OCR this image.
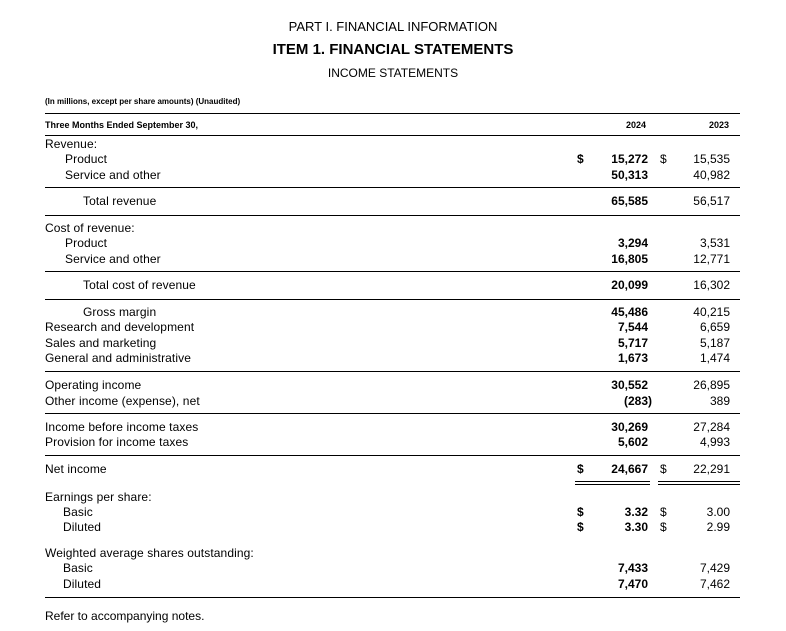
PART I. FINANCIAL INFORMATION
ITEM 1. FINANCIAL STATEMENTS
INCOME STATEMENTS
(In millions, except per share amounts) (Unaudited)
Three Months Ended September 30,	2024	2023
Revenue:
Product	$ 15,272 $ 15,535
Service and other	50,313	40,982
Total revenue	65,585	56,517
Cost of revenue:
Product	3,294	3,531
Service and other	16,805	12,771
Total cost of revenue	20,099	16,302
Gross margin	45,486	40,215
Research and development	7,544	6,659
Sales and marketing	5,717	5,187
General and administrative	1,673	1,474
Operating income	30,552	26,895
Other income (expense), net	(283)	389
Income before income taxes	30,269	27,284
Provision for income taxes	5,602	4,993
Net income	$ 24,667 $ 22,291
Earnings per share:
Basic	$	3.32 $	3.00
Diluted	$	3.30 $	2.99
Weighted average shares outstanding:
Basic	7,433	7,429
Diluted	7,470	7,462
Refer to accompanying notes.
